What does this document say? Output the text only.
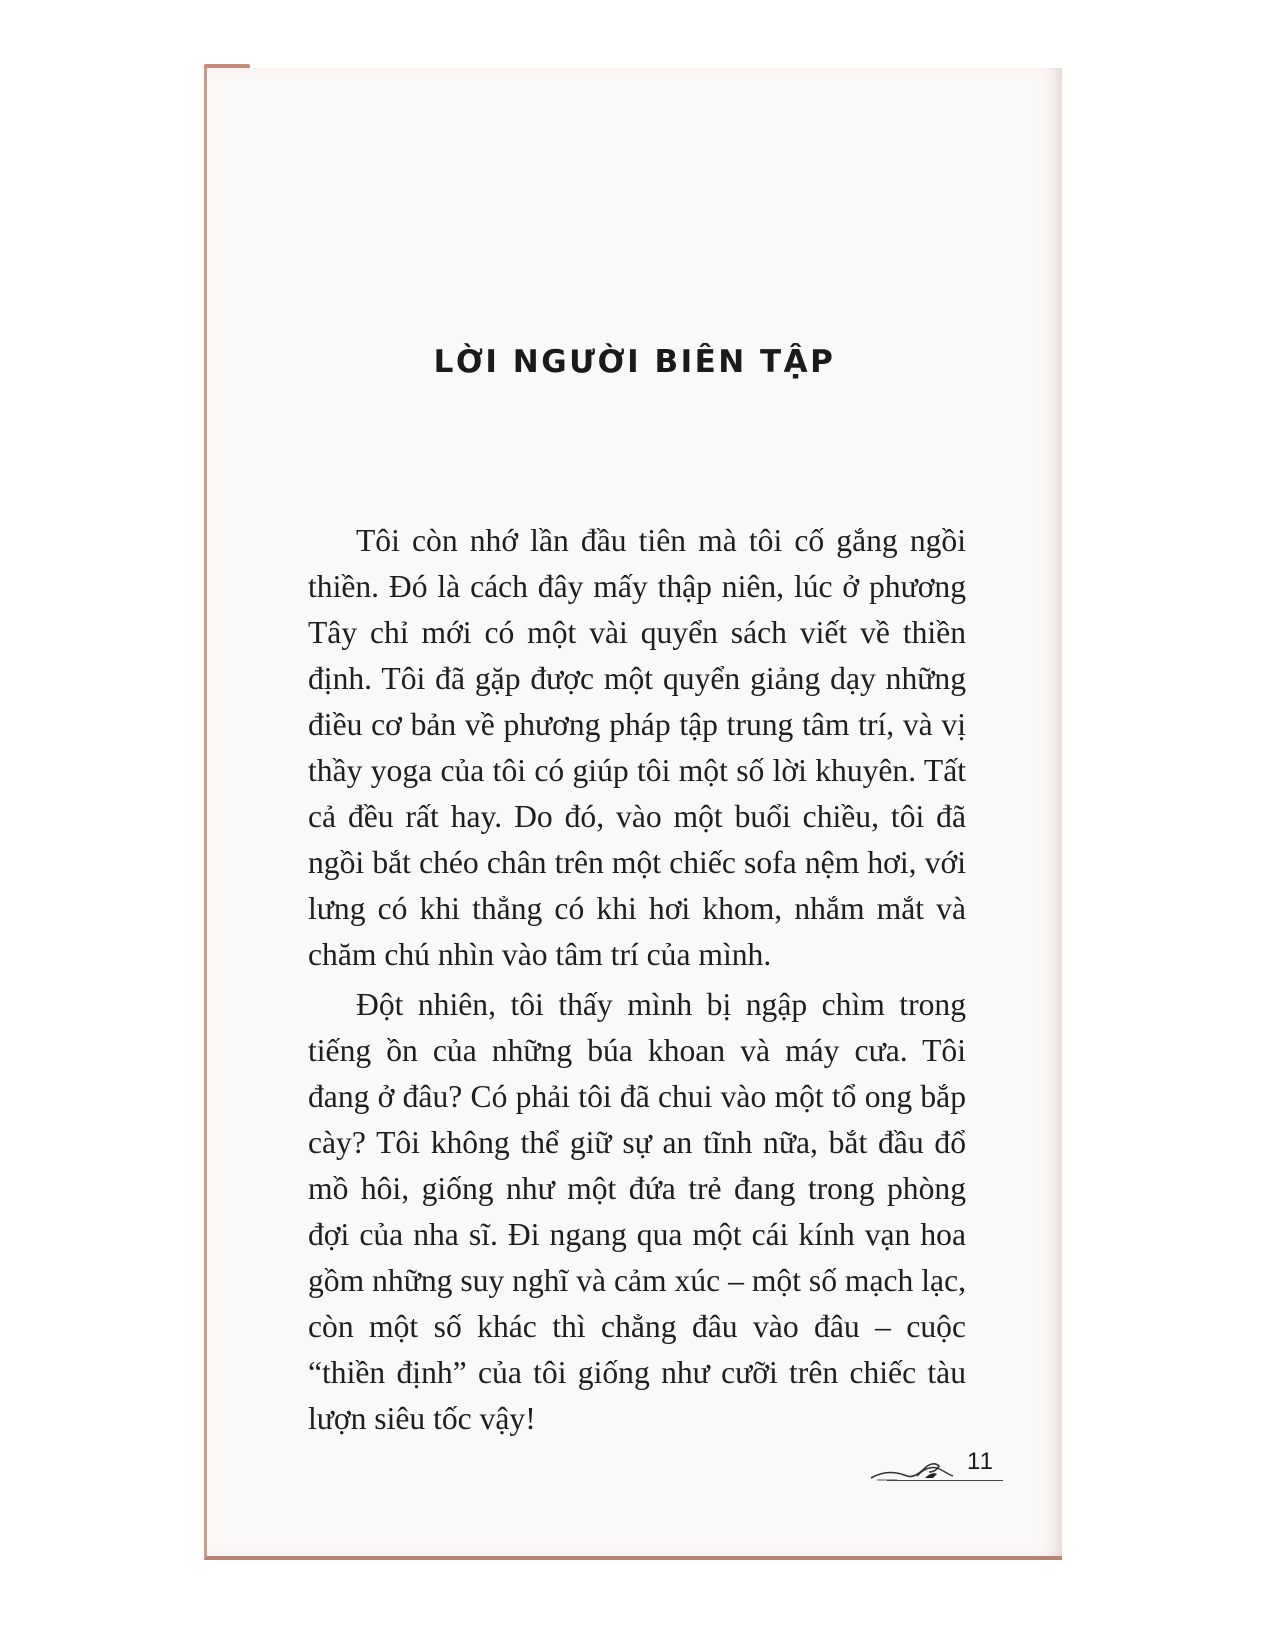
LỜI NGƯỜI BIÊN TẬP

Tôi còn nhớ lần đầu tiên mà tôi cố gắng ngồi thiền. Đó là cách đây mấy thập niên, lúc ở phương Tây chỉ mới có một vài quyển sách viết về thiền định. Tôi đã gặp được một quyển giảng dạy những điều cơ bản về phương pháp tập trung tâm trí, và vị thầy yoga của tôi có giúp tôi một số lời khuyên. Tất cả đều rất hay. Do đó, vào một buổi chiều, tôi đã ngồi bắt chéo chân trên một chiếc sofa nệm hơi, với lưng có khi thẳng có khi hơi khom, nhắm mắt và chăm chú nhìn vào tâm trí của mình.

Đột nhiên, tôi thấy mình bị ngập chìm trong tiếng ồn của những búa khoan và máy cưa. Tôi đang ở đâu? Có phải tôi đã chui vào một tổ ong bắp cày? Tôi không thể giữ sự an tĩnh nữa, bắt đầu đổ mồ hôi, giống như một đứa trẻ đang trong phòng đợi của nha sĩ. Đi ngang qua một cái kính vạn hoa gồm những suy nghĩ và cảm xúc – một số mạch lạc, còn một số khác thì chẳng đâu vào đâu – cuộc “thiền định” của tôi giống như cưỡi trên chiếc tàu lượn siêu tốc vậy!

11
